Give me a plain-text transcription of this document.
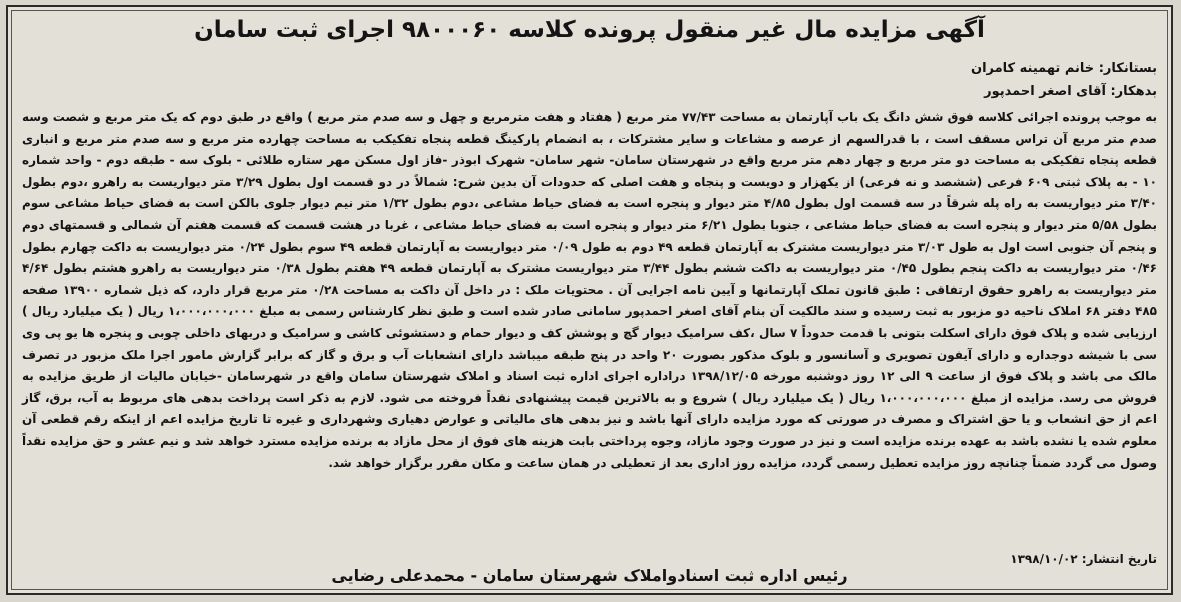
آگهی مزایده مال غیر منقول پرونده کلاسه ۹۸۰۰۰۶۰ اجرای ثبت سامان
بستانکار: خانم تهمینه کامران
بدهکار: آقای اصغر احمدپور

به موجب پرونده اجرائی کلاسه فوق شش دانگ یک باب آپارتمان به مساحت ۷۷/۴۳ متر مربع ( هفتاد و هفت مترمربع و چهل و سه صدم متر مربع ) واقع در طبق دوم که یک متر مربع و شصت وسه صدم متر مربع آن تراس مسقف است ، با قدرالسهم از عرصه و مشاعات و سایر مشترکات ، به انضمام پارکینگ قطعه پنجاه تفکیکب به مساحت چهارده متر مربع و سه صدم متر مربع و انباری قطعه پنجاه تفکیکی به مساحت دو متر مربع و چهار دهم متر مربع واقع در شهرستان سامان- شهر سامان- شهرک ابوذر -فاز اول مسکن مهر ستاره طلائی - بلوک سه - طبقه دوم - واحد شماره ۱۰ - به پلاک ثبتی ۶۰۹ فرعی (ششصد و نه فرعی) از یکهزار و دویست و پنجاه و هفت اصلی که حدودات آن بدین شرح: شمالاً در دو قسمت اول بطول ۳/۲۹ متر دیواریست به راهرو ،دوم بطول ۳/۴۰ متر دیواریست به راه پله شرقاً در سه قسمت اول بطول ۴/۸۵ متر دیوار و پنجره است به فضای حیاط مشاعی ،دوم بطول ۱/۳۲ متر نیم دیوار جلوی بالکن است به فضای حیاط مشاعی سوم بطول ۵/۵۸ متر دیوار و پنجره است به فضای حیاط مشاعی ، جنوبا بطول ۶/۲۱ متر دیوار و پنجره است به فضای حیاط مشاعی ، غربا در هشت قسمت که قسمت هفتم آن شمالی و قسمتهای دوم و پنجم آن جنوبی است اول به طول ۳/۰۳ متر دیواریست مشترک به آپارتمان قطعه ۴۹ دوم به طول ۰/۰۹ متر دیواریست به آپارتمان قطعه ۴۹ سوم بطول ۰/۲۴ متر دیواریست به داکت چهارم بطول ۰/۴۶ متر دیواریست به داکت پنجم بطول ۰/۴۵ متر دیواریست به داکت ششم بطول ۳/۴۴ متر دیواریست مشترک به آپارتمان قطعه ۴۹ هفتم بطول ۰/۳۸ متر دیواریست به راهرو هشتم بطول ۴/۶۴ متر دیواریست به راهرو حقوق ارتفاقی : طبق قانون تملک آپارتمانها و آیین نامه اجرایی آن . محتویات ملک : در داخل آن داکت به مساحت ۰/۲۸ متر مربع قرار دارد، که ذیل شماره ۱۳۹۰۰ صفحه ۴۸۵ دفتر ۶۸ املاک ناحیه دو مزبور به ثبت رسیده و سند مالکیت آن بنام آقای اصغر احمدپور سامانی صادر شده است و طبق نظر کارشناس رسمی به مبلغ ۱،۰۰۰،۰۰۰،۰۰۰ ریال ( یک میلیارد ریال ) ارزیابی شده و پلاک فوق دارای اسکلت بتونی با قدمت حدوداً ۷ سال ،کف سرامیک دیوار گچ و پوشش کف و دیوار حمام و دستشوئی کاشی و سرامیک و دربهای داخلی چوبی و پنجره ها یو پی وی سی با شیشه دوجداره و دارای آیفون تصویری و آسانسور و بلوک مذکور بصورت ۲۰ واحد در پنج طبقه میباشد دارای انشعابات آب و برق و گاز که برابر گزارش مامور اجرا ملک مزبور در تصرف مالک می باشد و پلاک فوق از ساعت ۹ الی ۱۲ روز دوشنبه مورخه ۱۳۹۸/۱۲/۰۵ دراداره اجرای اداره ثبت اسناد و املاک شهرستان سامان واقع در شهرسامان -خیابان مالیات از طریق مزایده به فروش می رسد. مزایده از مبلغ ۱،۰۰۰،۰۰۰،۰۰۰ ریال ( یک میلیارد ریال ) شروع و به بالاترین قیمت پیشنهادی نقداً فروخته می شود. لازم به ذکر است پرداخت بدهی های مربوط به آب، برق، گاز اعم از حق انشعاب و یا حق اشتراک و مصرف در صورتی که مورد مزایده دارای آنها باشد و نیز بدهی های مالیاتی و عوارض دهیاری وشهرداری و غیره تا تاریخ مزایده اعم از اینکه رقم قطعی آن معلوم شده یا نشده باشد به عهده برنده مزایده است و نیز در صورت وجود مازاد، وجوه پرداختی بابت هزینه های فوق از محل مازاد به برنده مزایده مسترد خواهد شد و نیم عشر و حق مزایده نقداً وصول می گردد ضمناً چنانچه روز مزایده تعطیل رسمی گردد، مزایده روز اداری بعد از تعطیلی در همان ساعت و مکان مقرر برگزار خواهد شد.

تاریخ انتشار: ۱۳۹۸/۱۰/۰۲
رئیس اداره ثبت اسنادواملاک شهرستان سامان - محمدعلی رضایی
